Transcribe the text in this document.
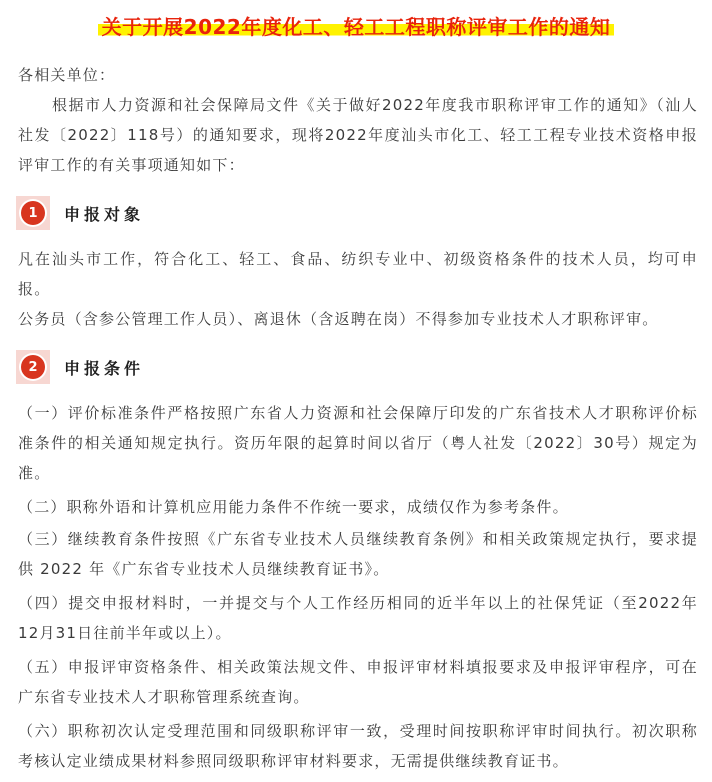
关于开展2022年度化工、轻工工程职称评审工作的通知

各相关单位：

根据市人力资源和社会保障局文件《关于做好2022年度我市职称评审工作的通知》（汕人社发〔2022〕118号）的通知要求，现将2022年度汕头市化工、轻工工程专业技术资格申报评审工作的有关事项通知如下：

1	申报对象

凡在汕头市工作，符合化工、轻工、食品、纺织专业中、初级资格条件的技术人员，均可申报。

公务员（含参公管理工作人员）、离退休（含返聘在岗）不得参加专业技术人才职称评审。

2	申报条件

（一）评价标准条件严格按照广东省人力资源和社会保障厅印发的广东省技术人才职称评价标准条件的相关通知规定执行。资历年限的起算时间以省厅（粤人社发〔2022〕30号）规定为准。

（二）职称外语和计算机应用能力条件不作统一要求，成绩仅作为参考条件。

（三）继续教育条件按照《广东省专业技术人员继续教育条例》和相关政策规定执行，要求提供 2022 年《广东省专业技术人员继续教育证书》。

（四）提交申报材料时，一并提交与个人工作经历相同的近半年以上的社保凭证（至2022年12月31日往前半年或以上）。

（五）申报评审资格条件、相关政策法规文件、申报评审材料填报要求及申报评审程序，可在广东省专业技术人才职称管理系统查询。

（六）职称初次认定受理范围和同级职称评审一致，受理时间按职称评审时间执行。初次职称考核认定业绩成果材料参照同级职称评审材料要求，无需提供继续教育证书。
